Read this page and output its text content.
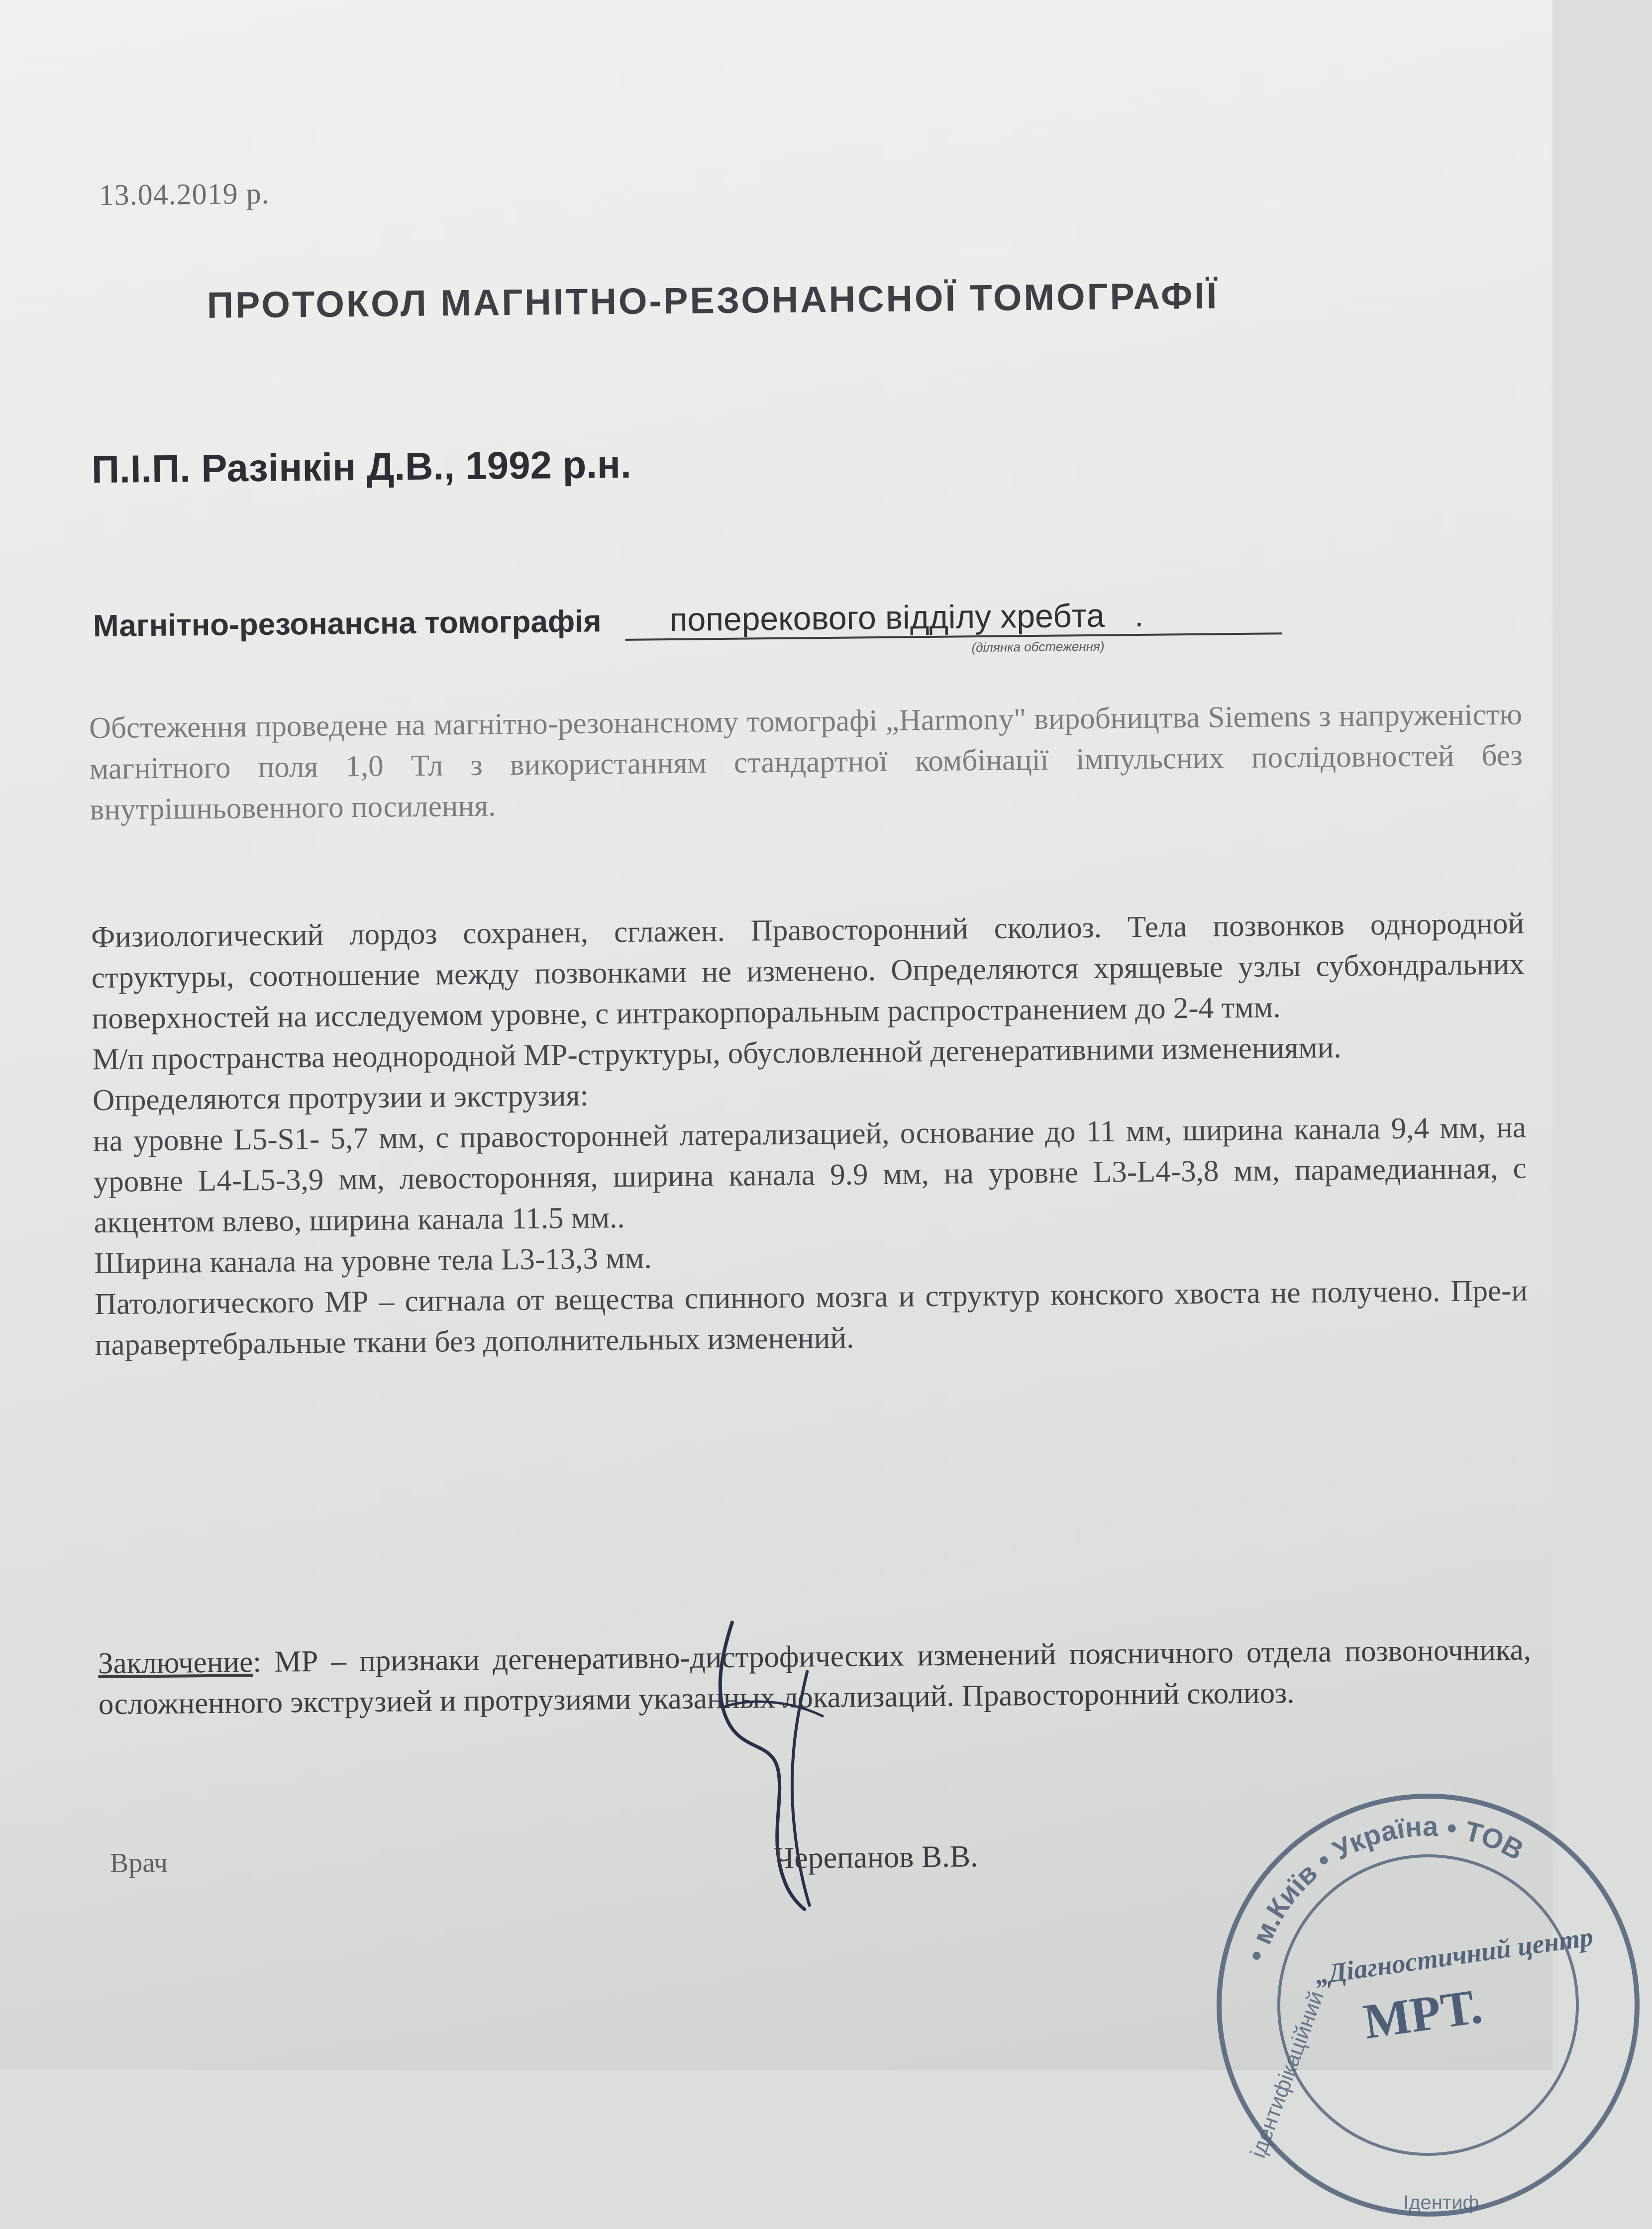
13.04.2019 р.
ПРОТОКОЛ МАГНІТНО-РЕЗОНАНСНОЇ ТОМОГРАФІЇ
П.І.П. Разінкін Д.В., 1992 р.н.
Магнітно-резонансна томографія поперекового відділу хребта .
(ділянка обстеження)

Обстеження проведене на магнітно-резонансному томографі „Harmony" виробництва Siemens з напруженістю магнітного поля 1,0 Тл з використанням стандартної комбінації імпульсних послідовностей без внутрішньовенного посилення.

Физиологический лордоз сохранен, сглажен. Правосторонний сколиоз. Тела позвонков однородной структуры, соотношение между позвонками не изменено. Определяются хрящевые узлы субхондральних поверхностей на исследуемом уровне, с интракорпоральным распространением до 2-4 тмм.
М/п пространства неоднородной МР-структуры, обусловленной дегенеративними изменениями.
Определяются протрузии и экструзия:
на уровне L5-S1- 5,7 мм, с правосторонней латерализацией, основание до 11 мм, ширина канала 9,4 мм, на уровне L4-L5-3,9 мм, левосторонняя, ширина канала 9.9 мм, на уровне L3-L4-3,8 мм, парамедианная, с акцентом влево, ширина канала 11.5 мм..
Ширина канала на уровне тела L3-13,3 мм.
Патологического МР – сигнала от вещества спинного мозга и структур конского хвоста не получено. Пре-и паравертебральные ткани без дополнительных изменений.

Заключение: МР – признаки дегенеративно-дистрофических изменений поясничного отдела позвоночника, осложненного экструзией и протрузиями указанных локализаций. Правосторонний сколиоз.

Врач	Черепанов В.В.
• м.Київ • Україна • ТОВ
ідентифікаційний
Ідентиф
„Діагностичний центр
МРТ.
